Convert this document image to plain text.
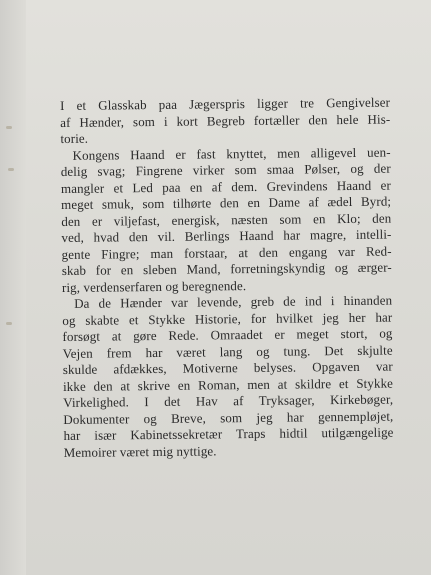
I et Glasskab paa Jægerspris ligger tre Gengivelser
af Hænder, som i kort Begreb fortæller den hele His-
torie.
Kongens Haand er fast knyttet, men alligevel uen-
delig svag; Fingrene virker som smaa Pølser, og der
mangler et Led paa en af dem. Grevindens Haand er
meget smuk, som tilhørte den en Dame af ædel Byrd;
den er viljefast, energisk, næsten som en Klo; den
ved, hvad den vil. Berlings Haand har magre, intelli-
gente Fingre; man forstaar, at den engang var Red-
skab for en sleben Mand, forretningskyndig og ærger-
rig, verdenserfaren og beregnende.
Da de Hænder var levende, greb de ind i hinanden
og skabte et Stykke Historie, for hvilket jeg her har
forsøgt at gøre Rede. Omraadet er meget stort, og
Vejen frem har været lang og tung. Det skjulte
skulde afdækkes, Motiverne belyses. Opgaven var
ikke den at skrive en Roman, men at skildre et Stykke
Virkelighed. I det Hav af Tryksager, Kirkebøger,
Dokumenter og Breve, som jeg har gennempløjet,
har især Kabinetssekretær Traps hidtil utilgængelige
Memoirer været mig nyttige.
